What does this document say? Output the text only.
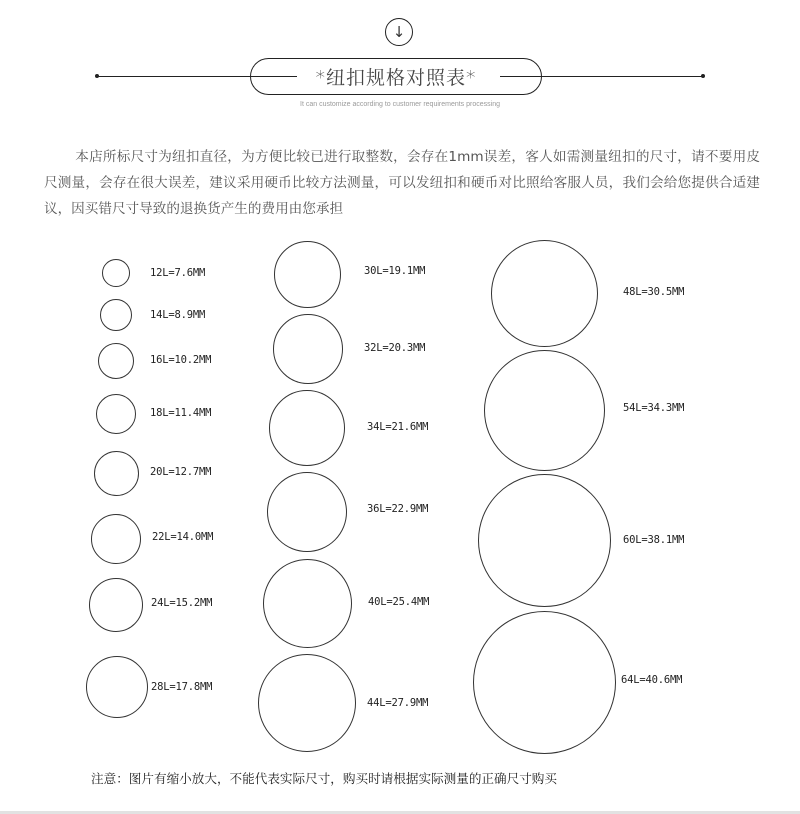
↓
*纽扣规格对照表*
It can customize according to customer requirements processing

本店所标尺寸为纽扣直径，为方便比较已进行取整数，会存在1mm误差，客人如需测量纽扣的尺寸，请不要用皮尺测量，会存在很大误差，建议采用硬币比较方法测量，可以发纽扣和硬币对比照给客服人员，我们会给您提供合适建议，因买错尺寸导致的退换货产生的费用由您承担

12L=7.6MM
14L=8.9MM
16L=10.2MM
18L=11.4MM
20L=12.7MM
22L=14.0MM
24L=15.2MM
28L=17.8MM
30L=19.1MM
32L=20.3MM
34L=21.6MM
36L=22.9MM
40L=25.4MM
44L=27.9MM
48L=30.5MM
54L=34.3MM
60L=38.1MM
64L=40.6MM
注意：图片有缩小放大，不能代表实际尺寸，购买时请根据实际测量的正确尺寸购买
